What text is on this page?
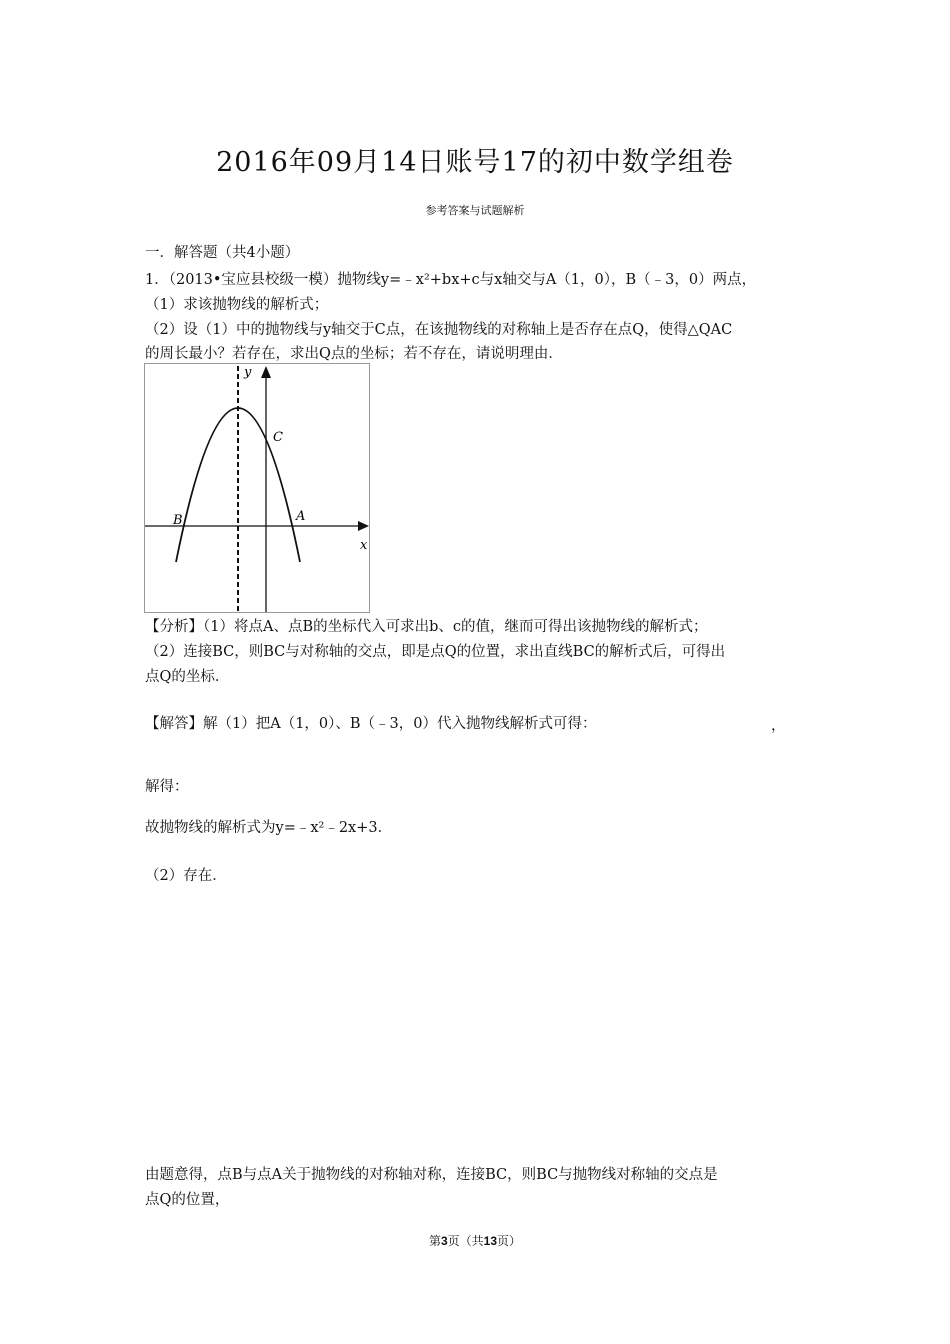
2016年09月14日账号17的初中数学组卷
参考答案与试题解析
一．解答题（共4小题）
1．（2013•宝应县校级一模）抛物线y=﹣x²+bx+c与x轴交与A（1，0），B（﹣3，0）两点，
（1）求该抛物线的解析式；
（2）设（1）中的抛物线与y轴交于C点，在该抛物线的对称轴上是否存在点Q，使得△QAC
的周长最小？若存在，求出Q点的坐标；若不存在，请说明理由．
y
x
C
B	A
【分析】（1）将点A、点B的坐标代入可求出b、c的值，继而可得出该抛物线的解析式；
（2）连接BC，则BC与对称轴的交点，即是点Q的位置，求出直线BC的解析式后，可得出
点Q的坐标．
【解答】解（1）把A（1，0）、B（﹣3，0）代入抛物线解析式可得：	，
解得：
故抛物线的解析式为y=﹣x²﹣2x+3．
（2）存在．
由题意得，点B与点A关于抛物线的对称轴对称，连接BC，则BC与抛物线对称轴的交点是
点Q的位置，
第3页（共13页）
